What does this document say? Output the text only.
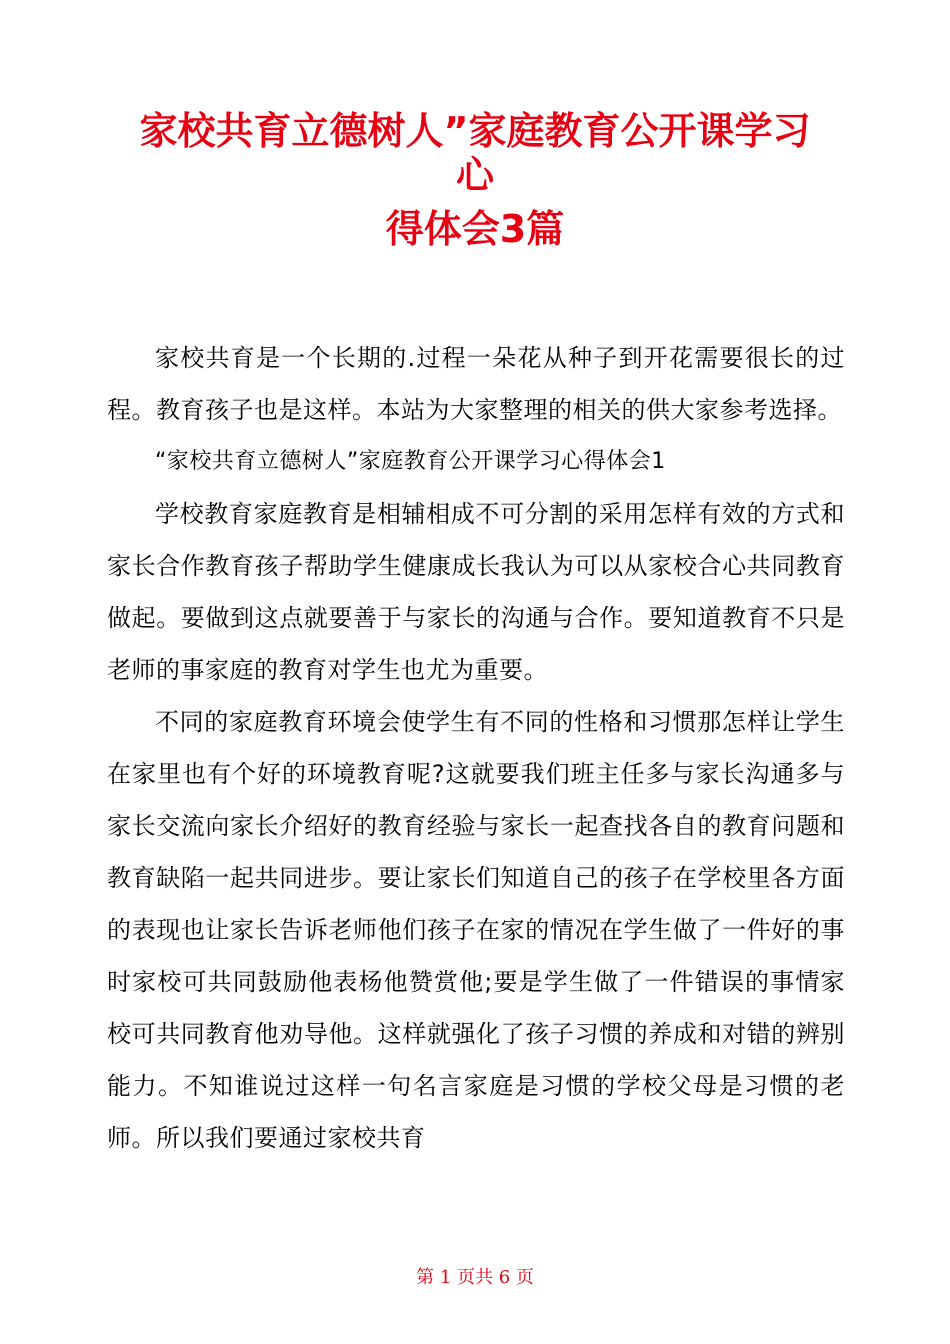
家校共育立德树人”家庭教育公开课学习
心
得体会3篇

家校共育是一个长期的.过程一朵花从种子到开花需要很长的过程。教育孩子也是这样。本站为大家整理的相关的供大家参考选择。

“家校共育立德树人”家庭教育公开课学习心得体会1

学校教育家庭教育是相辅相成不可分割的采用怎样有效的方式和家长合作教育孩子帮助学生健康成长我认为可以从家校合心共同教育做起。要做到这点就要善于与家长的沟通与合作。要知道教育不只是老师的事家庭的教育对学生也尤为重要。

不同的家庭教育环境会使学生有不同的性格和习惯那怎样让学生在家里也有个好的环境教育呢?这就要我们班主任多与家长沟通多与家长交流向家长介绍好的教育经验与家长一起查找各自的教育问题和教育缺陷一起共同进步。要让家长们知道自己的孩子在学校里各方面的表现也让家长告诉老师他们孩子在家的情况在学生做了一件好的事时家校可共同鼓励他表杨他赞赏他;要是学生做了一件错误的事情家校可共同教育他劝导他。这样就强化了孩子习惯的养成和对错的辨别能力。不知谁说过这样一句名言家庭是习惯的学校父母是习惯的老师。所以我们要通过家校共育

第 1 页共 6 页
